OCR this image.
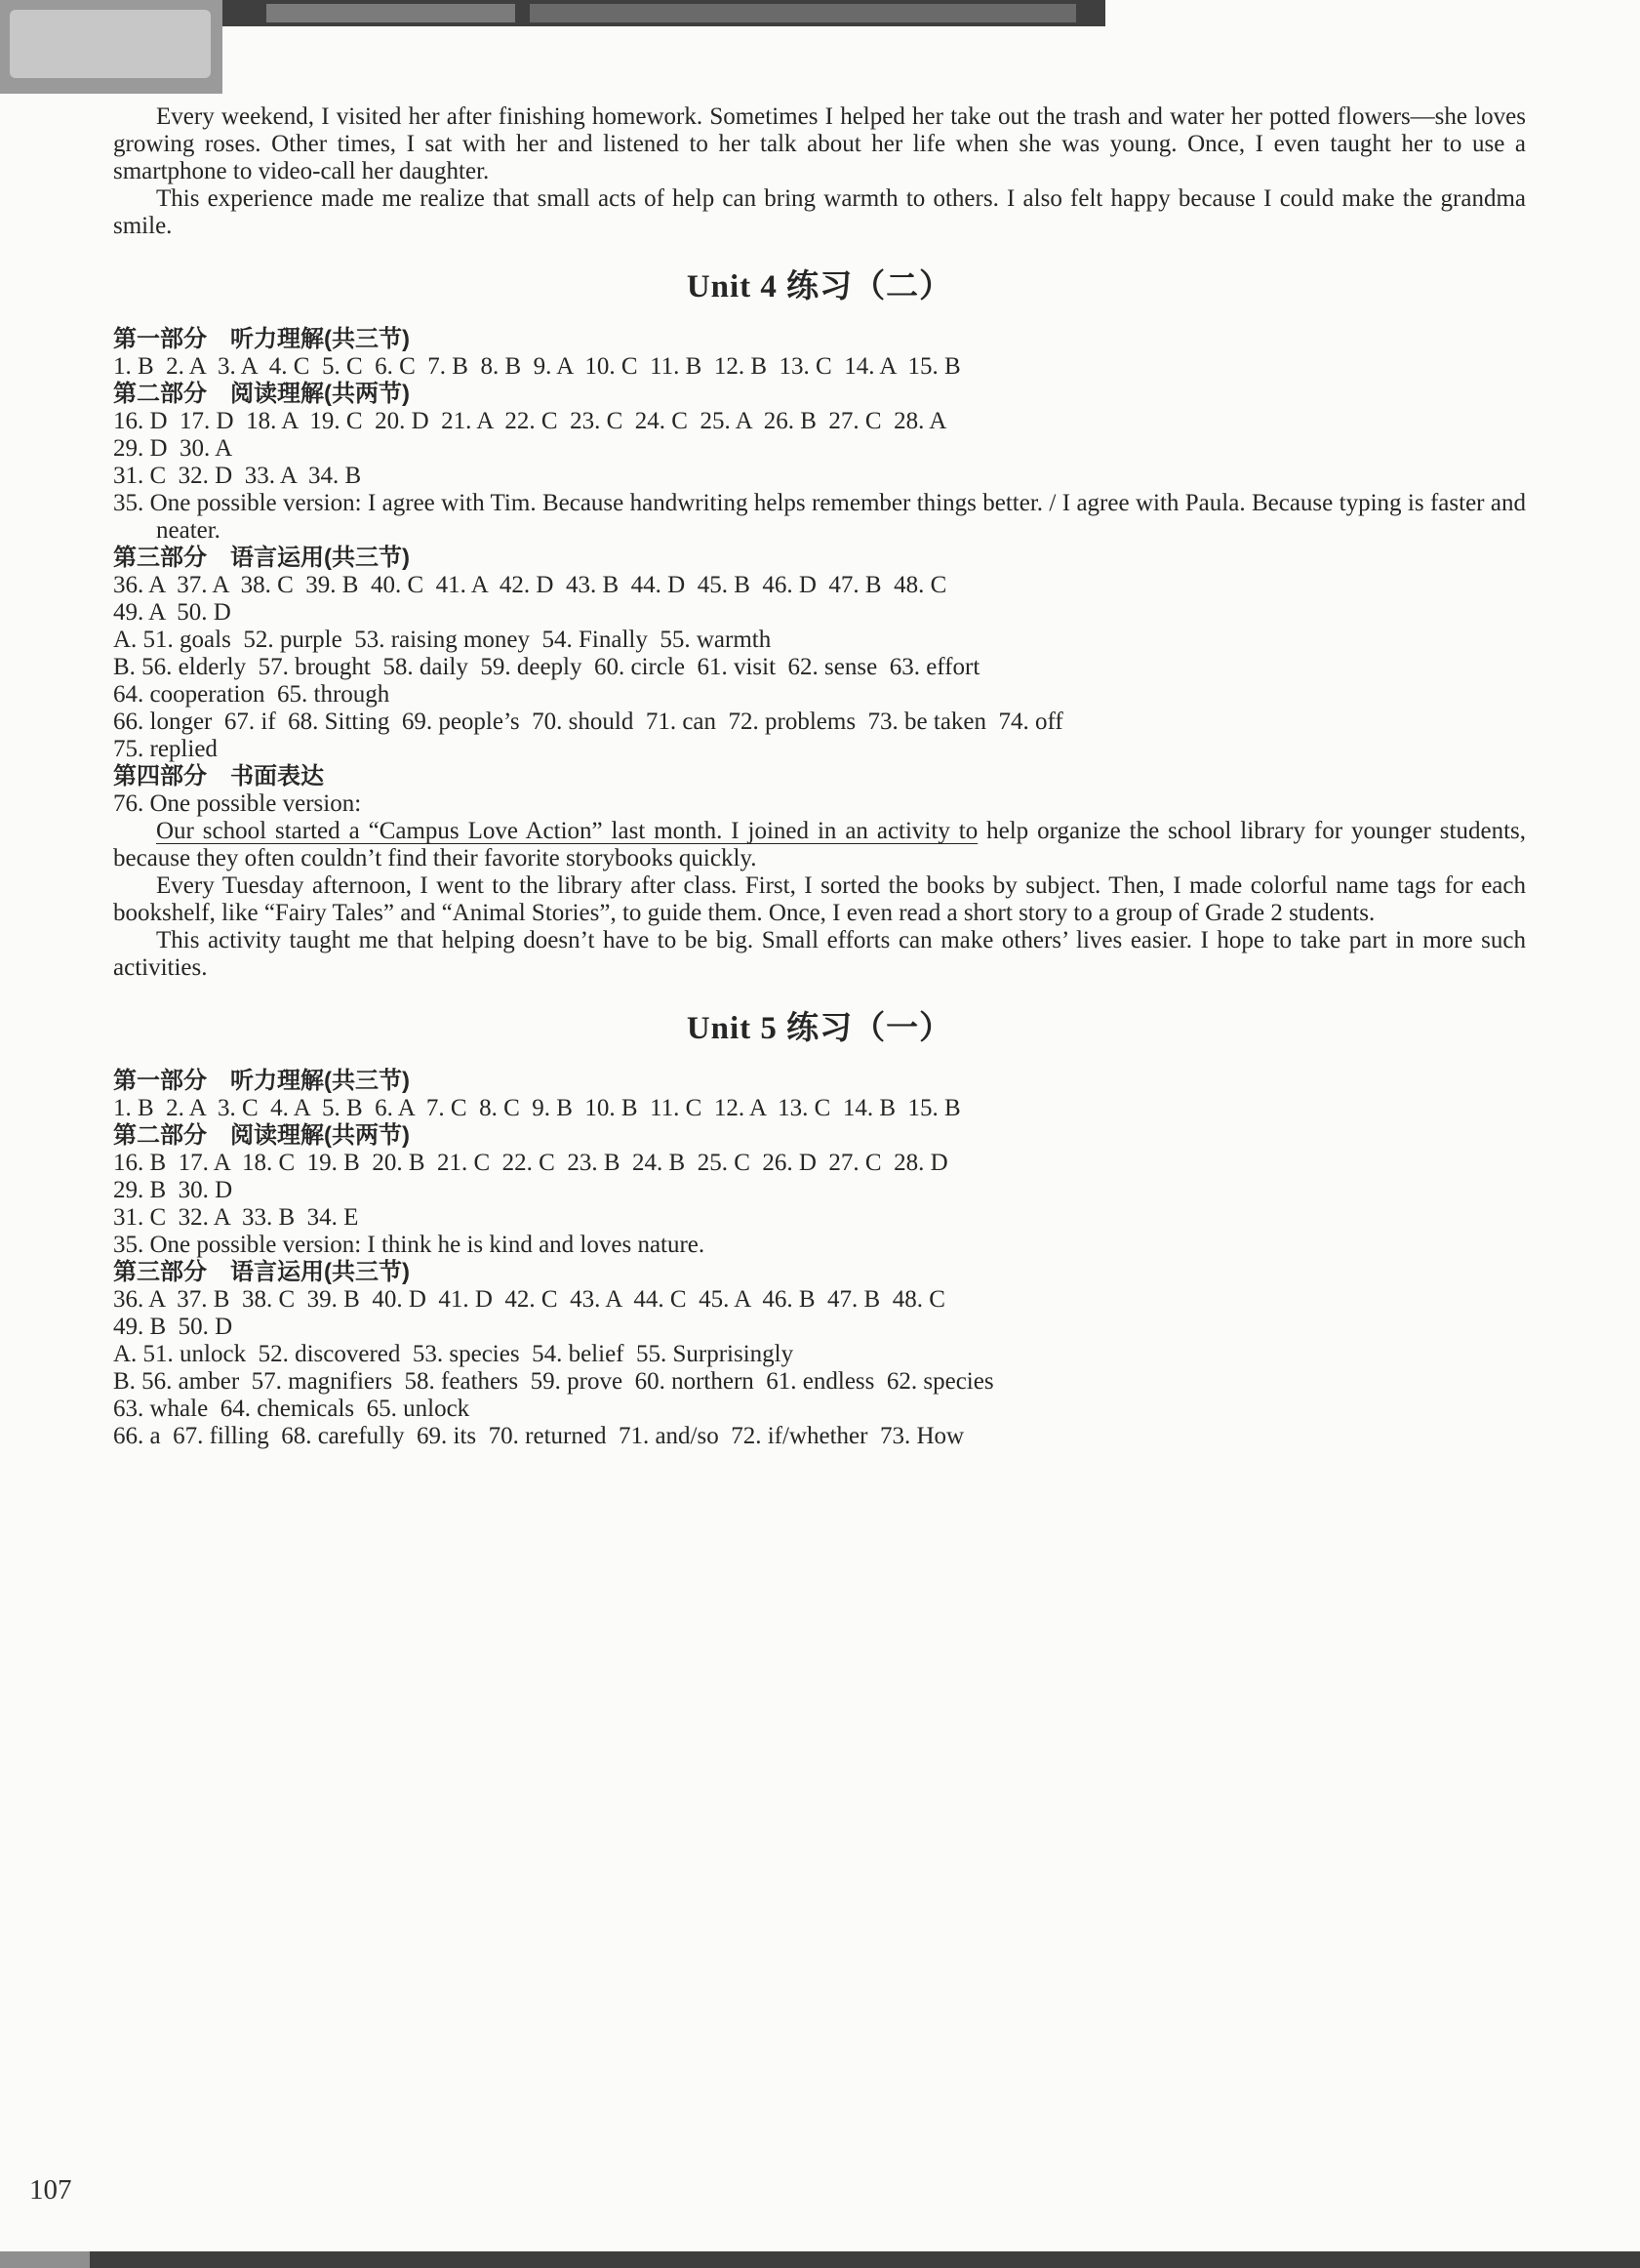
Every weekend, I visited her after finishing homework. Sometimes I helped her take out the trash and water her potted flowers—she loves growing roses. Other times, I sat with her and listened to her talk about her life when she was young. Once, I even taught her to use a smartphone to video-call her daughter.

This experience made me realize that small acts of help can bring warmth to others. I also felt happy because I could make the grandma smile.

Unit 4 练习（二）

第一部分　听力理解(共三节)

1. B  2. A  3. A  4. C  5. C  6. C  7. B  8. B  9. A  10. C  11. B  12. B  13. C  14. A  15. B

第二部分　阅读理解(共两节)

16. D  17. D  18. A  19. C  20. D  21. A  22. C  23. C  24. C  25. A  26. B  27. C  28. A

29. D  30. A

31. C  32. D  33. A  34. B

35. One possible version: I agree with Tim. Because handwriting helps remember things better. / I agree with Paula. Because typing is faster and neater.

第三部分　语言运用(共三节)

36. A  37. A  38. C  39. B  40. C  41. A  42. D  43. B  44. D  45. B  46. D  47. B  48. C

49. A  50. D

A. 51. goals  52. purple  53. raising money  54. Finally  55. warmth

B. 56. elderly  57. brought  58. daily  59. deeply  60. circle  61. visit  62. sense  63. effort

64. cooperation  65. through

66. longer  67. if  68. Sitting  69. people’s  70. should  71. can  72. problems  73. be taken  74. off

75. replied

第四部分　书面表达

76. One possible version:

Our school started a “Campus Love Action” last month. I joined in an activity to help organize the school library for younger students, because they often couldn’t find their favorite storybooks quickly.

Every Tuesday afternoon, I went to the library after class. First, I sorted the books by subject. Then, I made colorful name tags for each bookshelf, like “Fairy Tales” and “Animal Stories”, to guide them. Once, I even read a short story to a group of Grade 2 students.

This activity taught me that helping doesn’t have to be big. Small efforts can make others’ lives easier. I hope to take part in more such activities.

Unit 5 练习（一）

第一部分　听力理解(共三节)

1. B  2. A  3. C  4. A  5. B  6. A  7. C  8. C  9. B  10. B  11. C  12. A  13. C  14. B  15. B

第二部分　阅读理解(共两节)

16. B  17. A  18. C  19. B  20. B  21. C  22. C  23. B  24. B  25. C  26. D  27. C  28. D

29. B  30. D

31. C  32. A  33. B  34. E

35. One possible version: I think he is kind and loves nature.

第三部分　语言运用(共三节)

36. A  37. B  38. C  39. B  40. D  41. D  42. C  43. A  44. C  45. A  46. B  47. B  48. C

49. B  50. D

A. 51. unlock  52. discovered  53. species  54. belief  55. Surprisingly

B. 56. amber  57. magnifiers  58. feathers  59. prove  60. northern  61. endless  62. species

63. whale  64. chemicals  65. unlock

66. a  67. filling  68. carefully  69. its  70. returned  71. and/so  72. if/whether  73. How

107
